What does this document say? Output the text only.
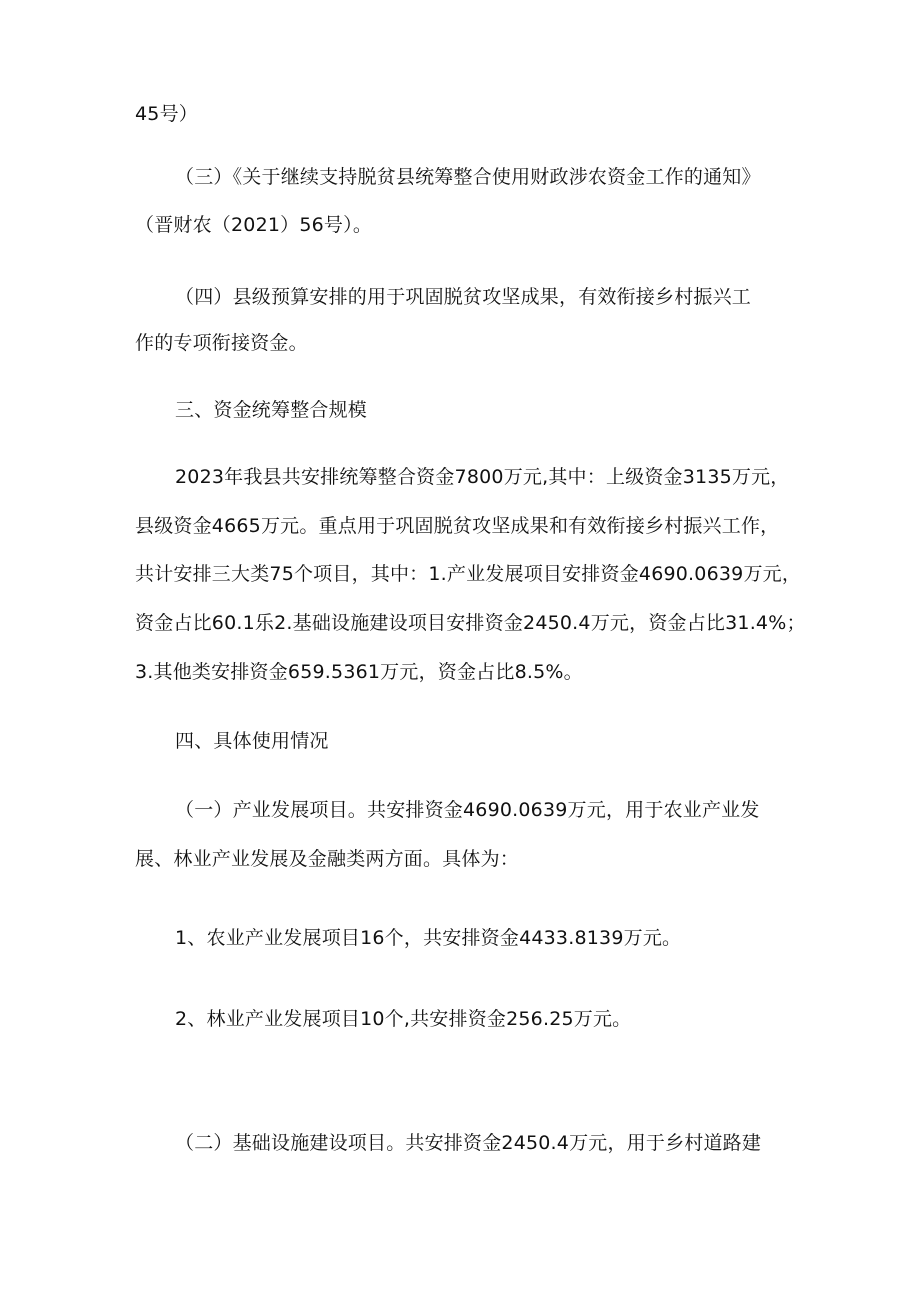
45号）
（三）《关于继续支持脱贫县统筹整合使用财政涉农资金工作的通知》
（晋财农（2021）56号）。
（四）县级预算安排的用于巩固脱贫攻坚成果，有效衔接乡村振兴工
作的专项衔接资金。
三、资金统筹整合规模
2023年我县共安排统筹整合资金7800万元,其中：上级资金3135万元，
县级资金4665万元。重点用于巩固脱贫攻坚成果和有效衔接乡村振兴工作，
共计安排三大类75个项目，其中：1.产业发展项目安排资金4690.0639万元，
资金占比60.1乐2.基础设施建设项目安排资金2450.4万元，资金占比31.4%；
3.其他类安排资金659.5361万元，资金占比8.5%。
四、具体使用情况
（一）产业发展项目。共安排资金4690.0639万元，用于农业产业发
展、林业产业发展及金融类两方面。具体为：
1、农业产业发展项目16个，共安排资金4433.8139万元。
2、林业产业发展项目10个,共安排资金256.25万元。
（二）基础设施建设项目。共安排资金2450.4万元，用于乡村道路建
